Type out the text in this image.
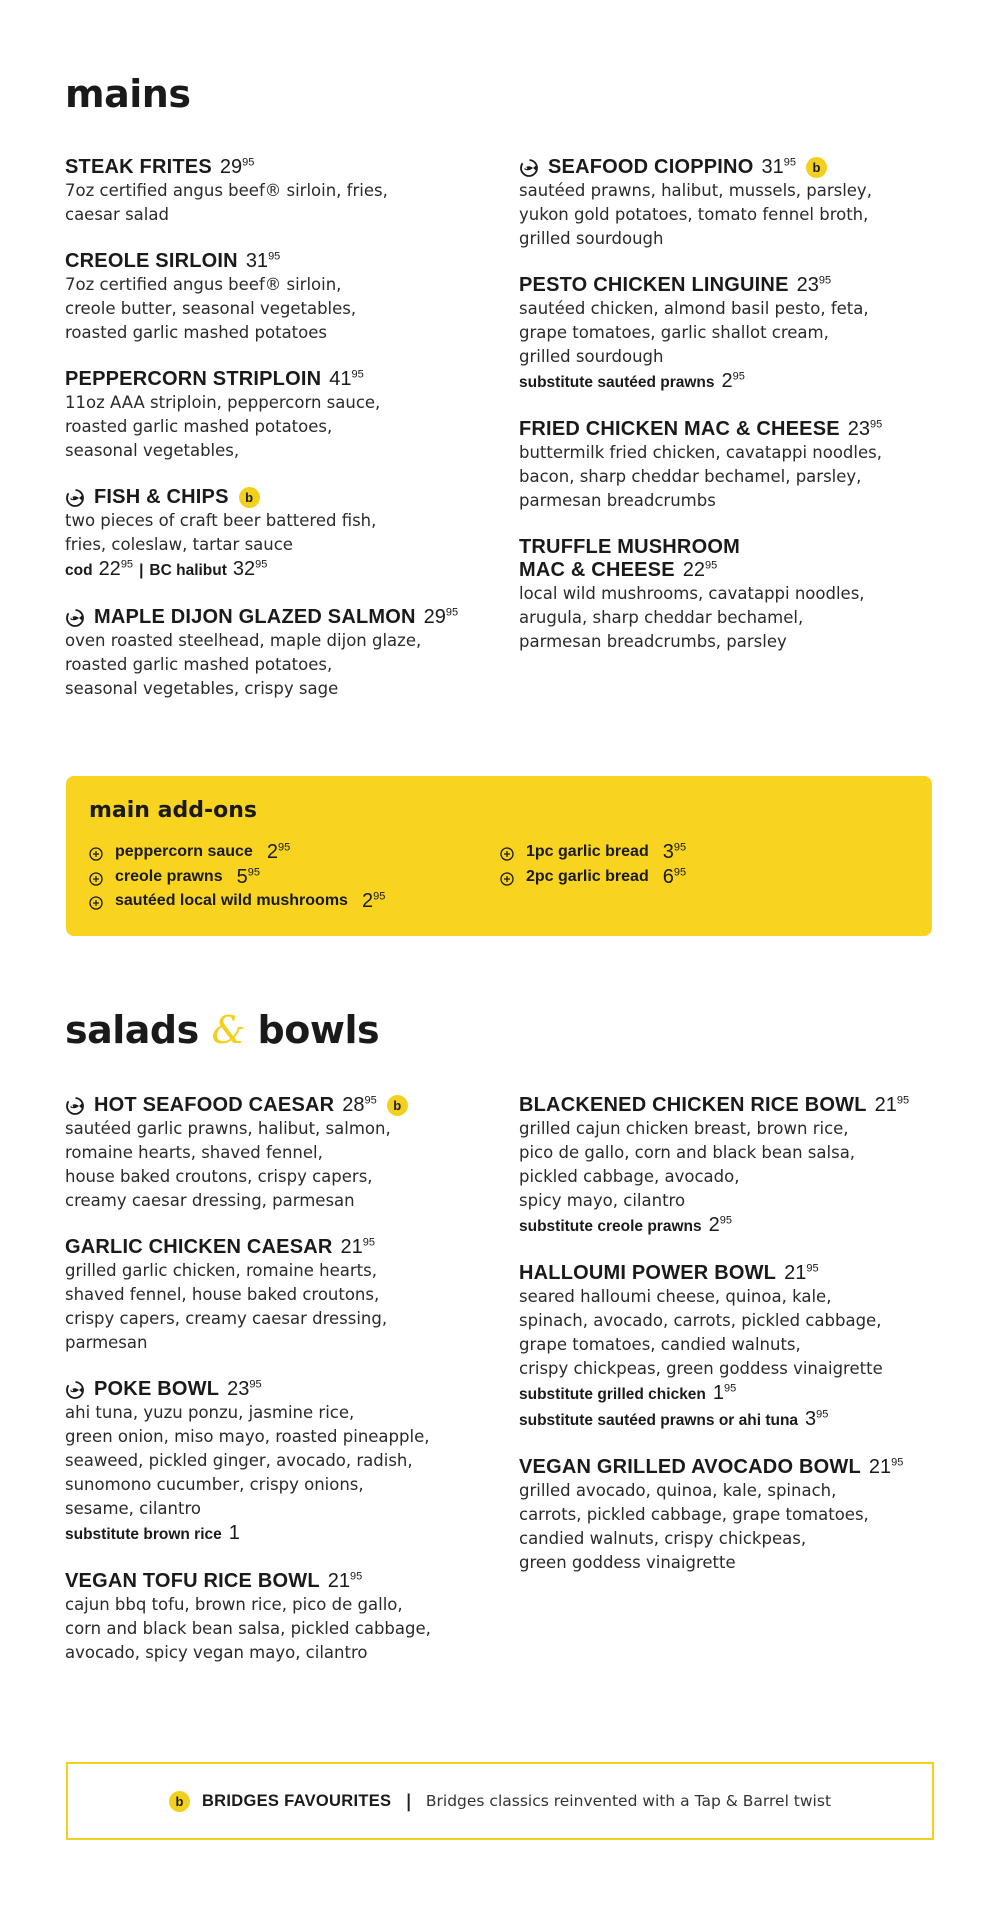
mains
STEAK FRITES $29^{95}$
7oz certified angus beef® sirloin, fries,
caesar salad
CREOLE SIRLOIN $31^{95}$
7oz certified angus beef® sirloin,
creole butter, seasonal vegetables,
roasted garlic mashed potatoes
PEPPERCORN STRIPLOIN $41^{95}$
11oz AAA striploin, peppercorn sauce,
roasted garlic mashed potatoes,
seasonal vegetables,
FISH & CHIPS	b
two pieces of craft beer battered fish,
fries, coleslaw, tartar sauce
cod $22^{95}$ | BC halibut $32^{95}$
MAPLE DIJON GLAZED SALMON $29^{95}$
oven roasted steelhead, maple dijon glaze,
roasted garlic mashed potatoes,
seasonal vegetables, crispy sage
SEAFOOD CIOPPINO $31^{95}$	b
sautéed prawns, halibut, mussels, parsley,
yukon gold potatoes, tomato fennel broth,
grilled sourdough
PESTO CHICKEN LINGUINE $23^{95}$
sautéed chicken, almond basil pesto, feta,
grape tomatoes, garlic shallot cream,
grilled sourdough
substitute sautéed prawns $2^{95}$
FRIED CHICKEN MAC & CHEESE $23^{95}$
buttermilk fried chicken, cavatappi noodles,
bacon, sharp cheddar bechamel, parsley,
parmesan breadcrumbs
TRUFFLE MUSHROOM
MAC & CHEESE $22^{95}$
local wild mushrooms, cavatappi noodles,
arugula, sharp cheddar bechamel,
parmesan breadcrumbs, parsley
main add-ons
peppercorn sauce $2^{95}$
creole prawns $5^{95}$
sautéed local wild mushrooms $2^{95}$
1pc garlic bread $3^{95}$
2pc garlic bread $6^{95}$
salads & bowls
HOT SEAFOOD CAESAR $28^{95}$	b
sautéed garlic prawns, halibut, salmon,
romaine hearts, shaved fennel,
house baked croutons, crispy capers,
creamy caesar dressing, parmesan
GARLIC CHICKEN CAESAR $21^{95}$
grilled garlic chicken, romaine hearts,
shaved fennel, house baked croutons,
crispy capers, creamy caesar dressing,
parmesan
POKE BOWL $23^{95}$
ahi tuna, yuzu ponzu, jasmine rice,
green onion, miso mayo, roasted pineapple,
seaweed, pickled ginger, avocado, radish,
sunomono cucumber, crispy onions,
sesame, cilantro
substitute brown rice 1
VEGAN TOFU RICE BOWL $21^{95}$
cajun bbq tofu, brown rice, pico de gallo,
corn and black bean salsa, pickled cabbage,
avocado, spicy vegan mayo, cilantro
BLACKENED CHICKEN RICE BOWL $21^{95}$
grilled cajun chicken breast, brown rice,
pico de gallo, corn and black bean salsa,
pickled cabbage, avocado,
spicy mayo, cilantro
substitute creole prawns $2^{95}$
HALLOUMI POWER BOWL $21^{95}$
seared halloumi cheese, quinoa, kale,
spinach, avocado, carrots, pickled cabbage,
grape tomatoes, candied walnuts,
crispy chickpeas, green goddess vinaigrette
substitute grilled chicken $1^{95}$
substitute sautéed prawns or ahi tuna $3^{95}$
VEGAN GRILLED AVOCADO BOWL $21^{95}$
grilled avocado, quinoa, kale, spinach,
carrots, pickled cabbage, grape tomatoes,
candied walnuts, crispy chickpeas,
green goddess vinaigrette
b	BRIDGES FAVOURITES | Bridges classics reinvented with a Tap & Barrel twist
